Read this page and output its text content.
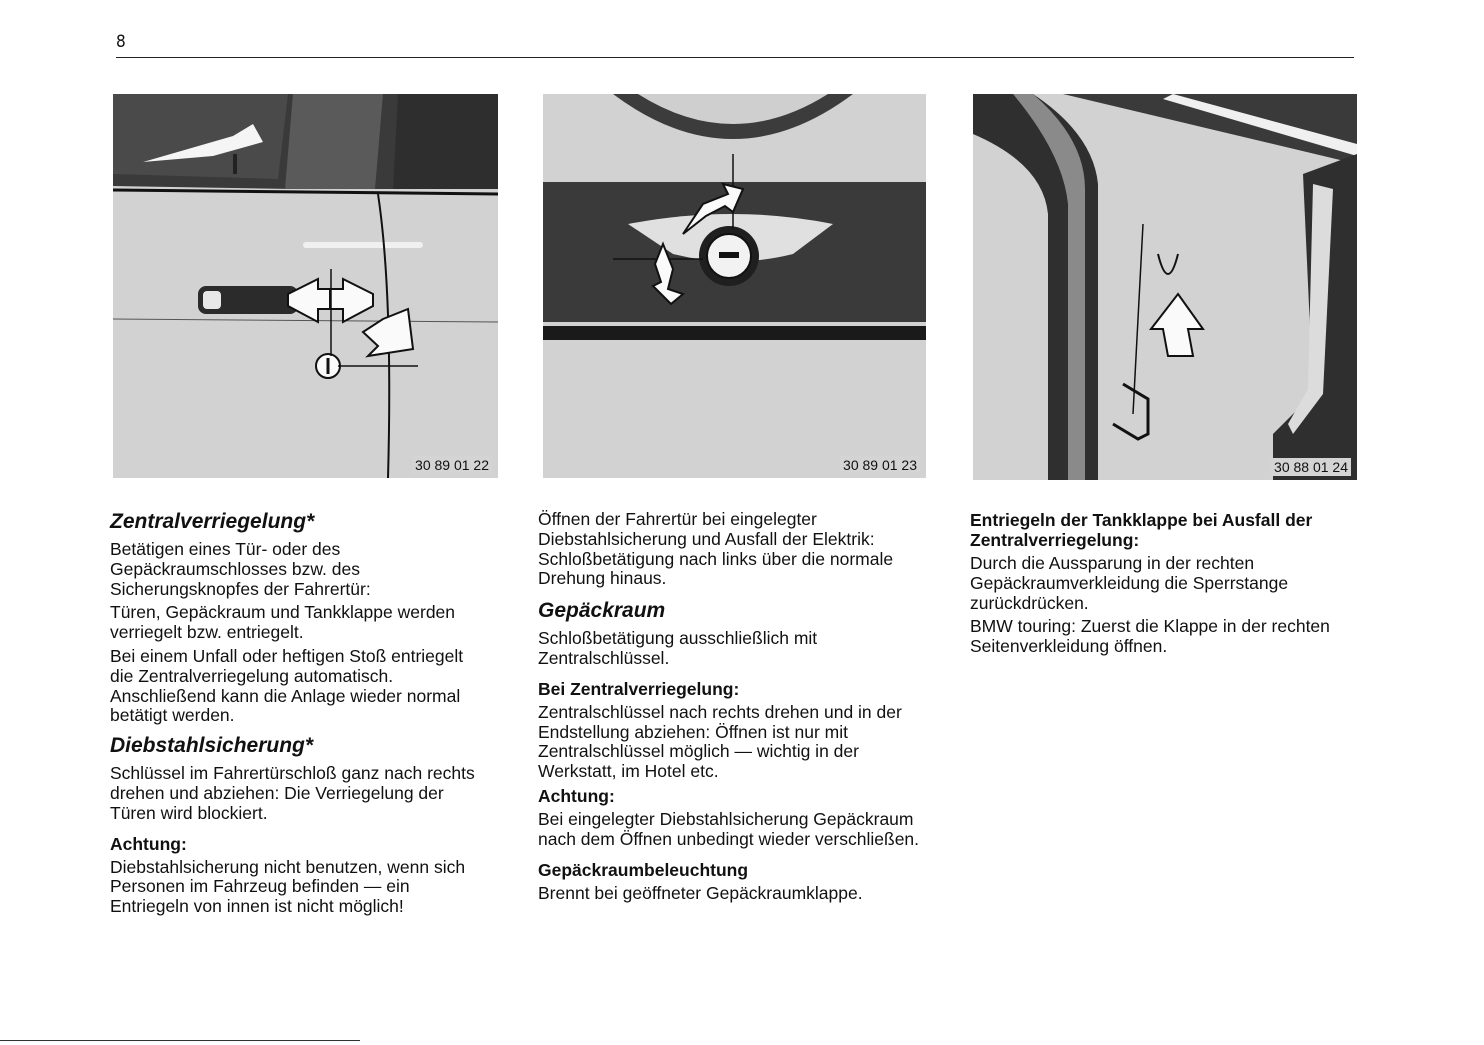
8
30 89 01 22	30 89 01 23	30 88 01 24
Zentralverriegelung*

Betätigen eines Tür- oder des Gepäckraumschlosses bzw. des Sicherungsknopfes der Fahrertür:

Türen, Gepäckraum und Tankklappe werden verriegelt bzw. entriegelt.

Bei einem Unfall oder heftigen Stoß entriegelt die Zentralverriegelung automatisch. Anschließend kann die Anlage wieder normal betätigt werden.

Diebstahlsicherung*

Schlüssel im Fahrertürschloß ganz nach rechts drehen und abziehen: Die Verriegelung der Türen wird blockiert.

Achtung:

Diebstahlsicherung nicht benutzen, wenn sich Personen im Fahrzeug befinden — ein Entriegeln von innen ist nicht möglich!

Öffnen der Fahrertür bei eingelegter Diebstahlsicherung und Ausfall der Elektrik: Schloßbetätigung nach links über die normale Drehung hinaus.

Gepäckraum

Schloßbetätigung ausschließlich mit Zentralschlüssel.

Bei Zentralverriegelung:

Zentralschlüssel nach rechts drehen und in der Endstellung abziehen: Öffnen ist nur mit Zentralschlüssel möglich — wichtig in der Werkstatt, im Hotel etc.

Achtung:

Bei eingelegter Diebstahlsicherung Gepäckraum nach dem Öffnen unbedingt wieder verschließen.

Gepäckraumbeleuchtung

Brennt bei geöffneter Gepäckraumklappe.

Entriegeln der Tankklappe bei Ausfall der Zentralverriegelung:

Durch die Aussparung in der rechten Gepäckraumverkleidung die Sperrstange zurückdrücken.

BMW touring: Zuerst die Klappe in der rechten Seitenverkleidung öffnen.
